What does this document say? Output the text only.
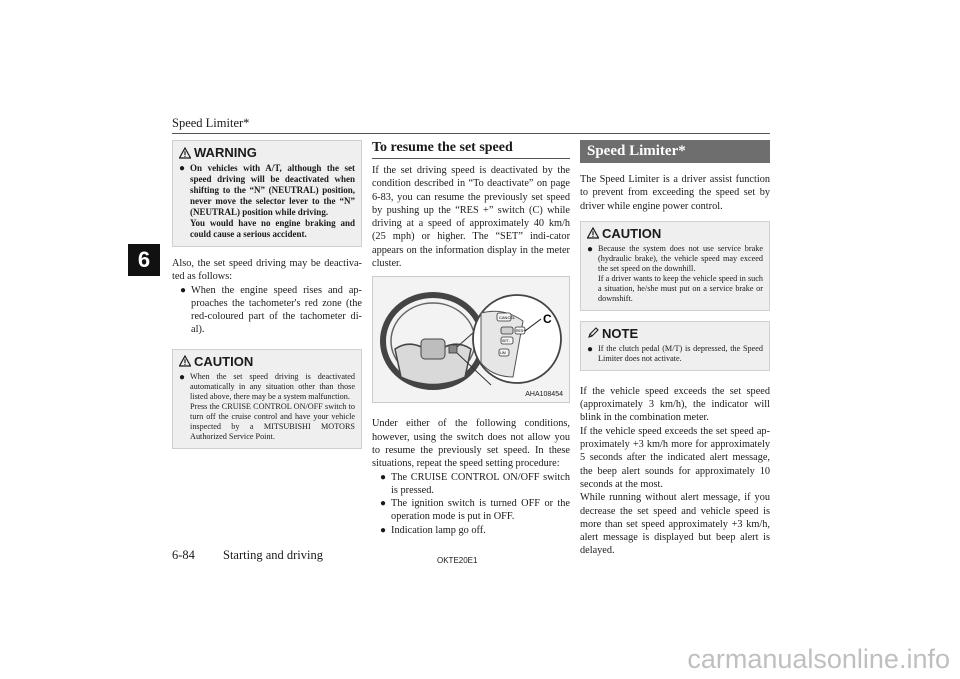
Speed Limiter*
6
WARNING
● On vehicles with A/T, although the set speed driving will be deactivated when shifting to the “N” (NEUTRAL) position, never move the selector lever to the “N” (NEUTRAL) position while driving.
You would have no engine braking and could cause a serious accident.

Also, the set speed driving may be deactiva-ted as follows:

● When the engine speed rises and ap-proaches the tachometer's red zone (the red-coloured part of the tachometer di-al).
CAUTION
● When the set speed driving is deactivated automatically in any situation other than those listed above, there may be a system malfunction.
Press the CRUISE CONTROL ON/OFF switch to turn off the cruise control and have your vehicle inspected by a MITSUBISHI MOTORS Authorized Service Point.
To resume the set speed

If the set driving speed is deactivated by the condition described in “To deactivate” on page 6-83, you can resume the previously set speed by pushing up the “RES +” switch (C) while driving at a speed of approximately 40 km/h (25 mph) or higher. The “SET” indi-cator appears on the information display in the meter cluster.

CANCEL
RES+
SET-
LIM
C
AHA108454

Under either of the following conditions, however, using the switch does not allow you to resume the previously set speed. In these situations, repeat the speed setting procedure:

● The CRUISE CONTROL ON/OFF switch is pressed.
● The ignition switch is turned OFF or the operation mode is put in OFF.
● Indication lamp go off.
Speed Limiter*

The Speed Limiter is a driver assist function to prevent from exceeding the speed set by driver while engine power control.

CAUTION
● Because the system does not use service brake (hydraulic brake), the vehicle speed may exceed the set speed on the downhill.
If a driver wants to keep the vehicle speed in such a situation, he/she must put on a service brake or downshift.
NOTE
● If the clutch pedal (M/T) is depressed, the Speed Limiter does not activate.

If the vehicle speed exceeds the set speed (approximately 3 km/h), the indicator will blink in the combination meter.

If the vehicle speed exceeds the set speed ap-proximately +3 km/h more for approximately 5 seconds after the indicated alert message, the beep alert sounds for approximately 10 seconds at the most.

While running without alert message, if you decrease the set speed and vehicle speed is more than set speed approximately +3 km/h, alert message is displayed but beep alert is delayed.

6-84 Starting and driving	OKTE20E1
carmanualsonline.info
